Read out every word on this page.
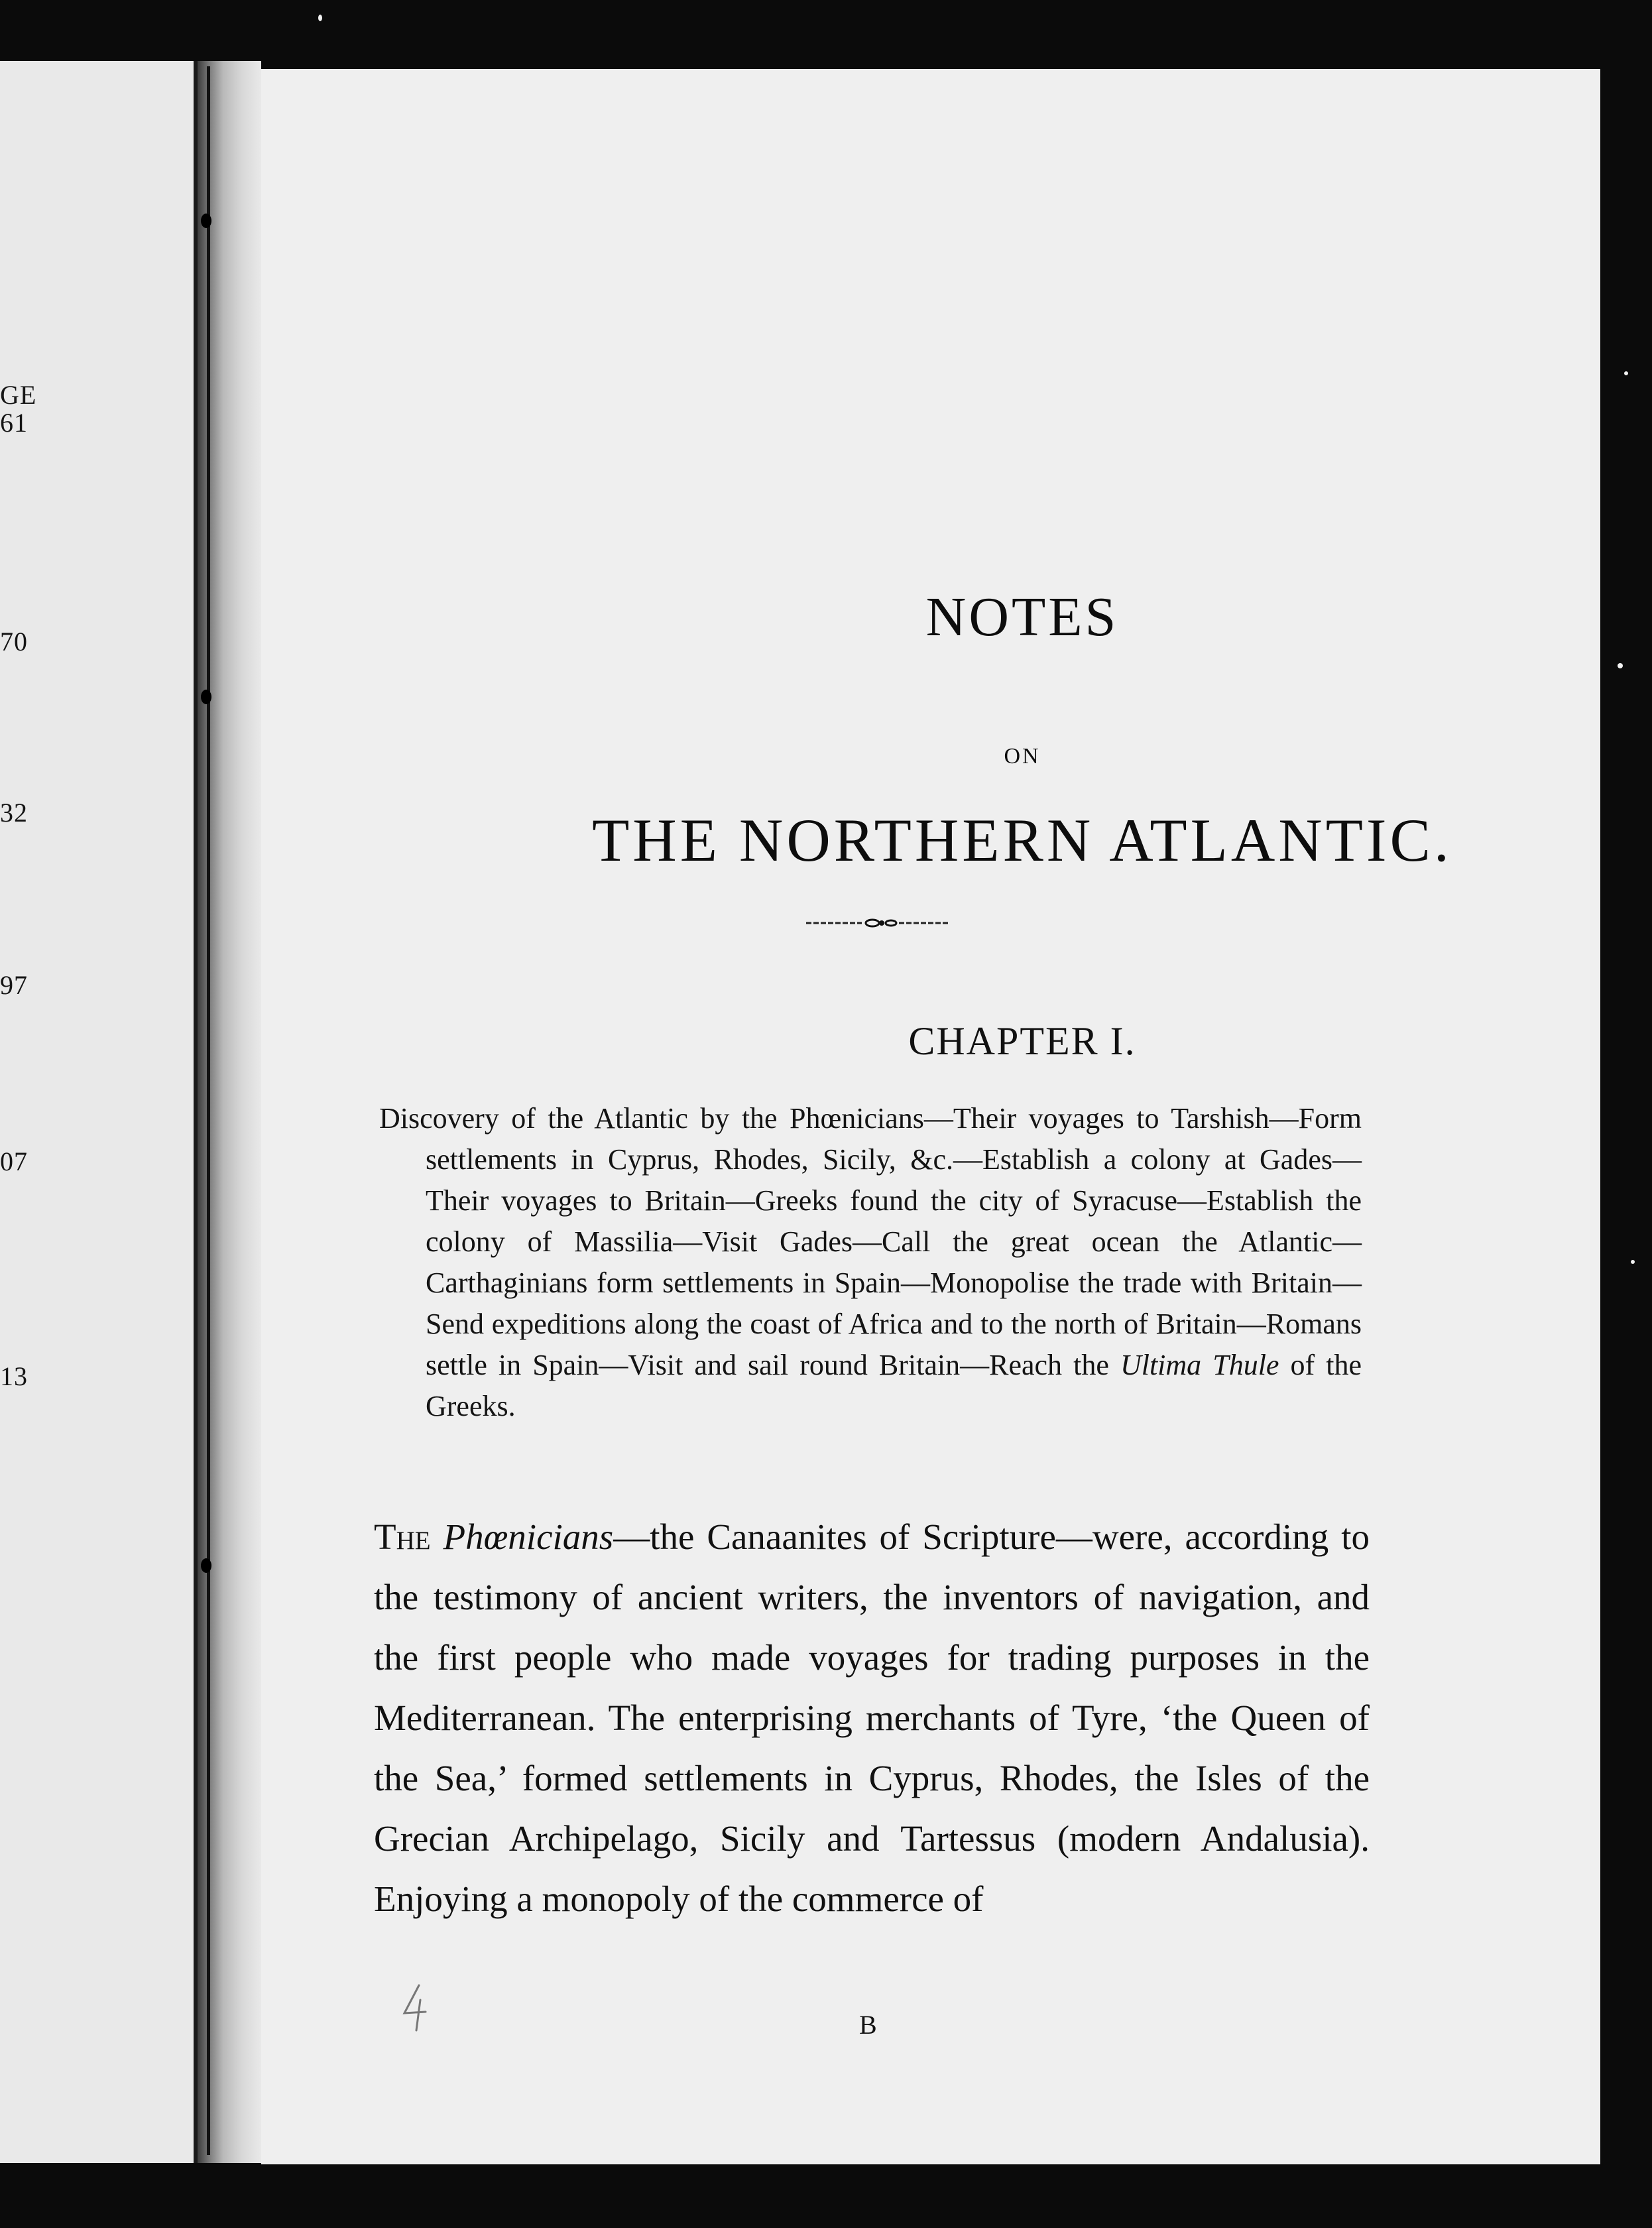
GE
61
70
32
97
07
13
NOTES
ON
THE NORTHERN ATLANTIC.
CHAPTER I.
Discovery of the Atlantic by the Phœnicians—Their voyages to Tarshish—Form settlements in Cyprus, Rhodes, Sicily, &c.—Establish a colony at Gades—Their voyages to Britain—Greeks found the city of Syracuse—Establish the colony of Massilia—Visit Gades—Call the great ocean the Atlantic—Carthaginians form settlements in Spain—Monopolise the trade with Britain—Send expeditions along the coast of Africa and to the north of Britain—Romans settle in Spain—Visit and sail round Britain—Reach the Ultima Thule of the Greeks.
The Phœnicians—the Canaanites of Scripture—were, according to the testimony of ancient writers, the inventors of navigation, and the first people who made voyages for trading purposes in the Mediterranean. The enterprising merchants of Tyre, ‘the Queen of the Sea,’ formed settlements in Cyprus, Rhodes, the Isles of the Grecian Archipelago, Sicily and Tartessus (modern Andalusia). Enjoying a monopoly of the commerce of
B
